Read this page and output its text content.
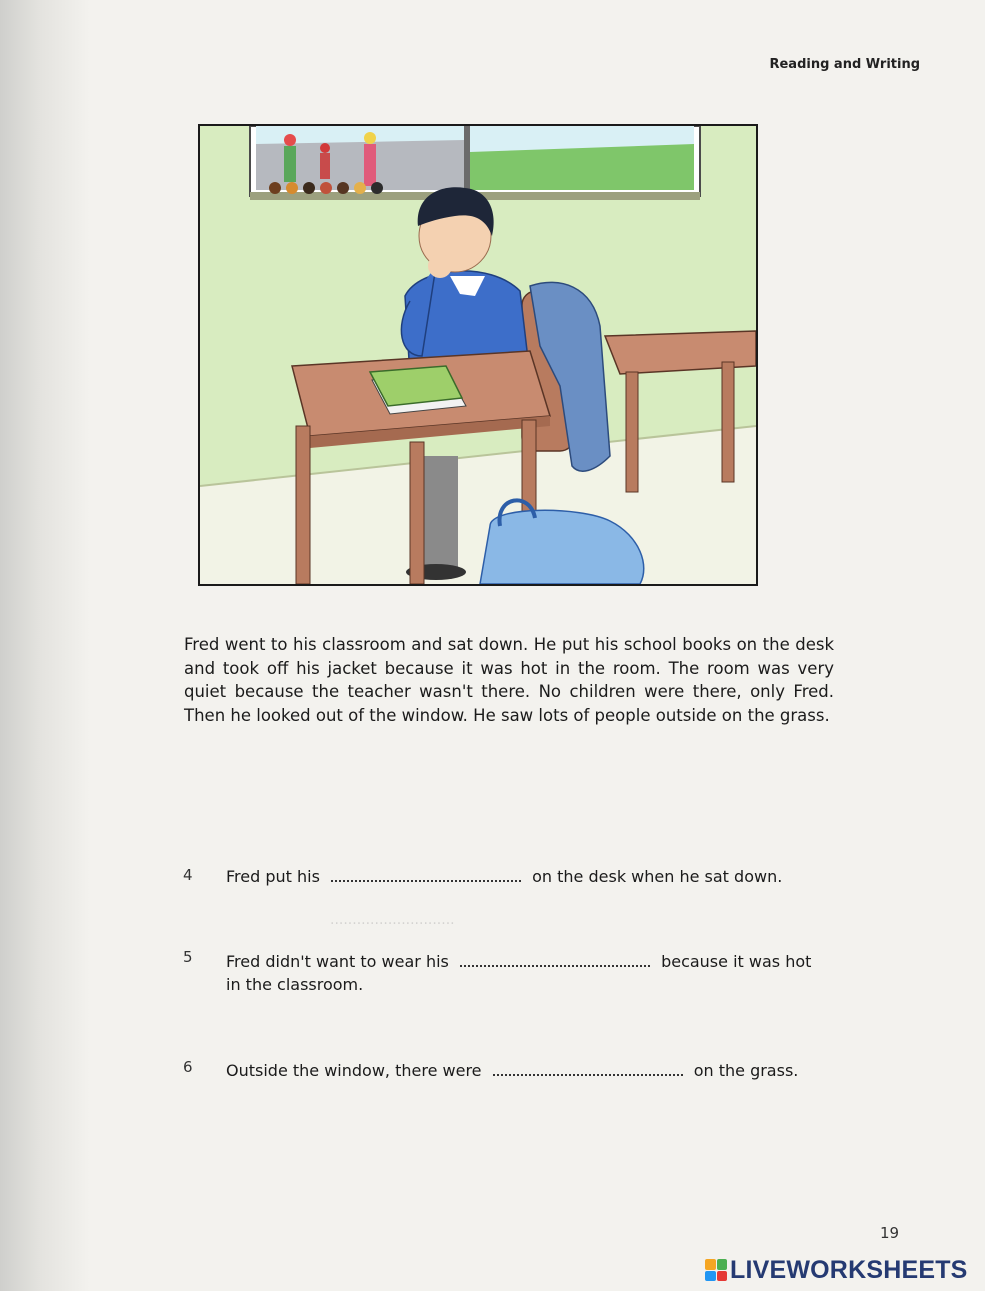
Reading and Writing
............................
Fred went to his classroom and sat down. He put his school books on the desk and took off his jacket because it was hot in the room. The room was very quiet because the teacher wasn't there. No children were there, only Fred. Then he looked out of the window. He saw lots of people outside on the grass.
4	Fred put his	on the desk when he sat down.
5	Fred didn't want to wear his	because it was hot
in the classroom.
6	Outside the window, there were	on the grass.
19
LIVEWORKSHEETS
